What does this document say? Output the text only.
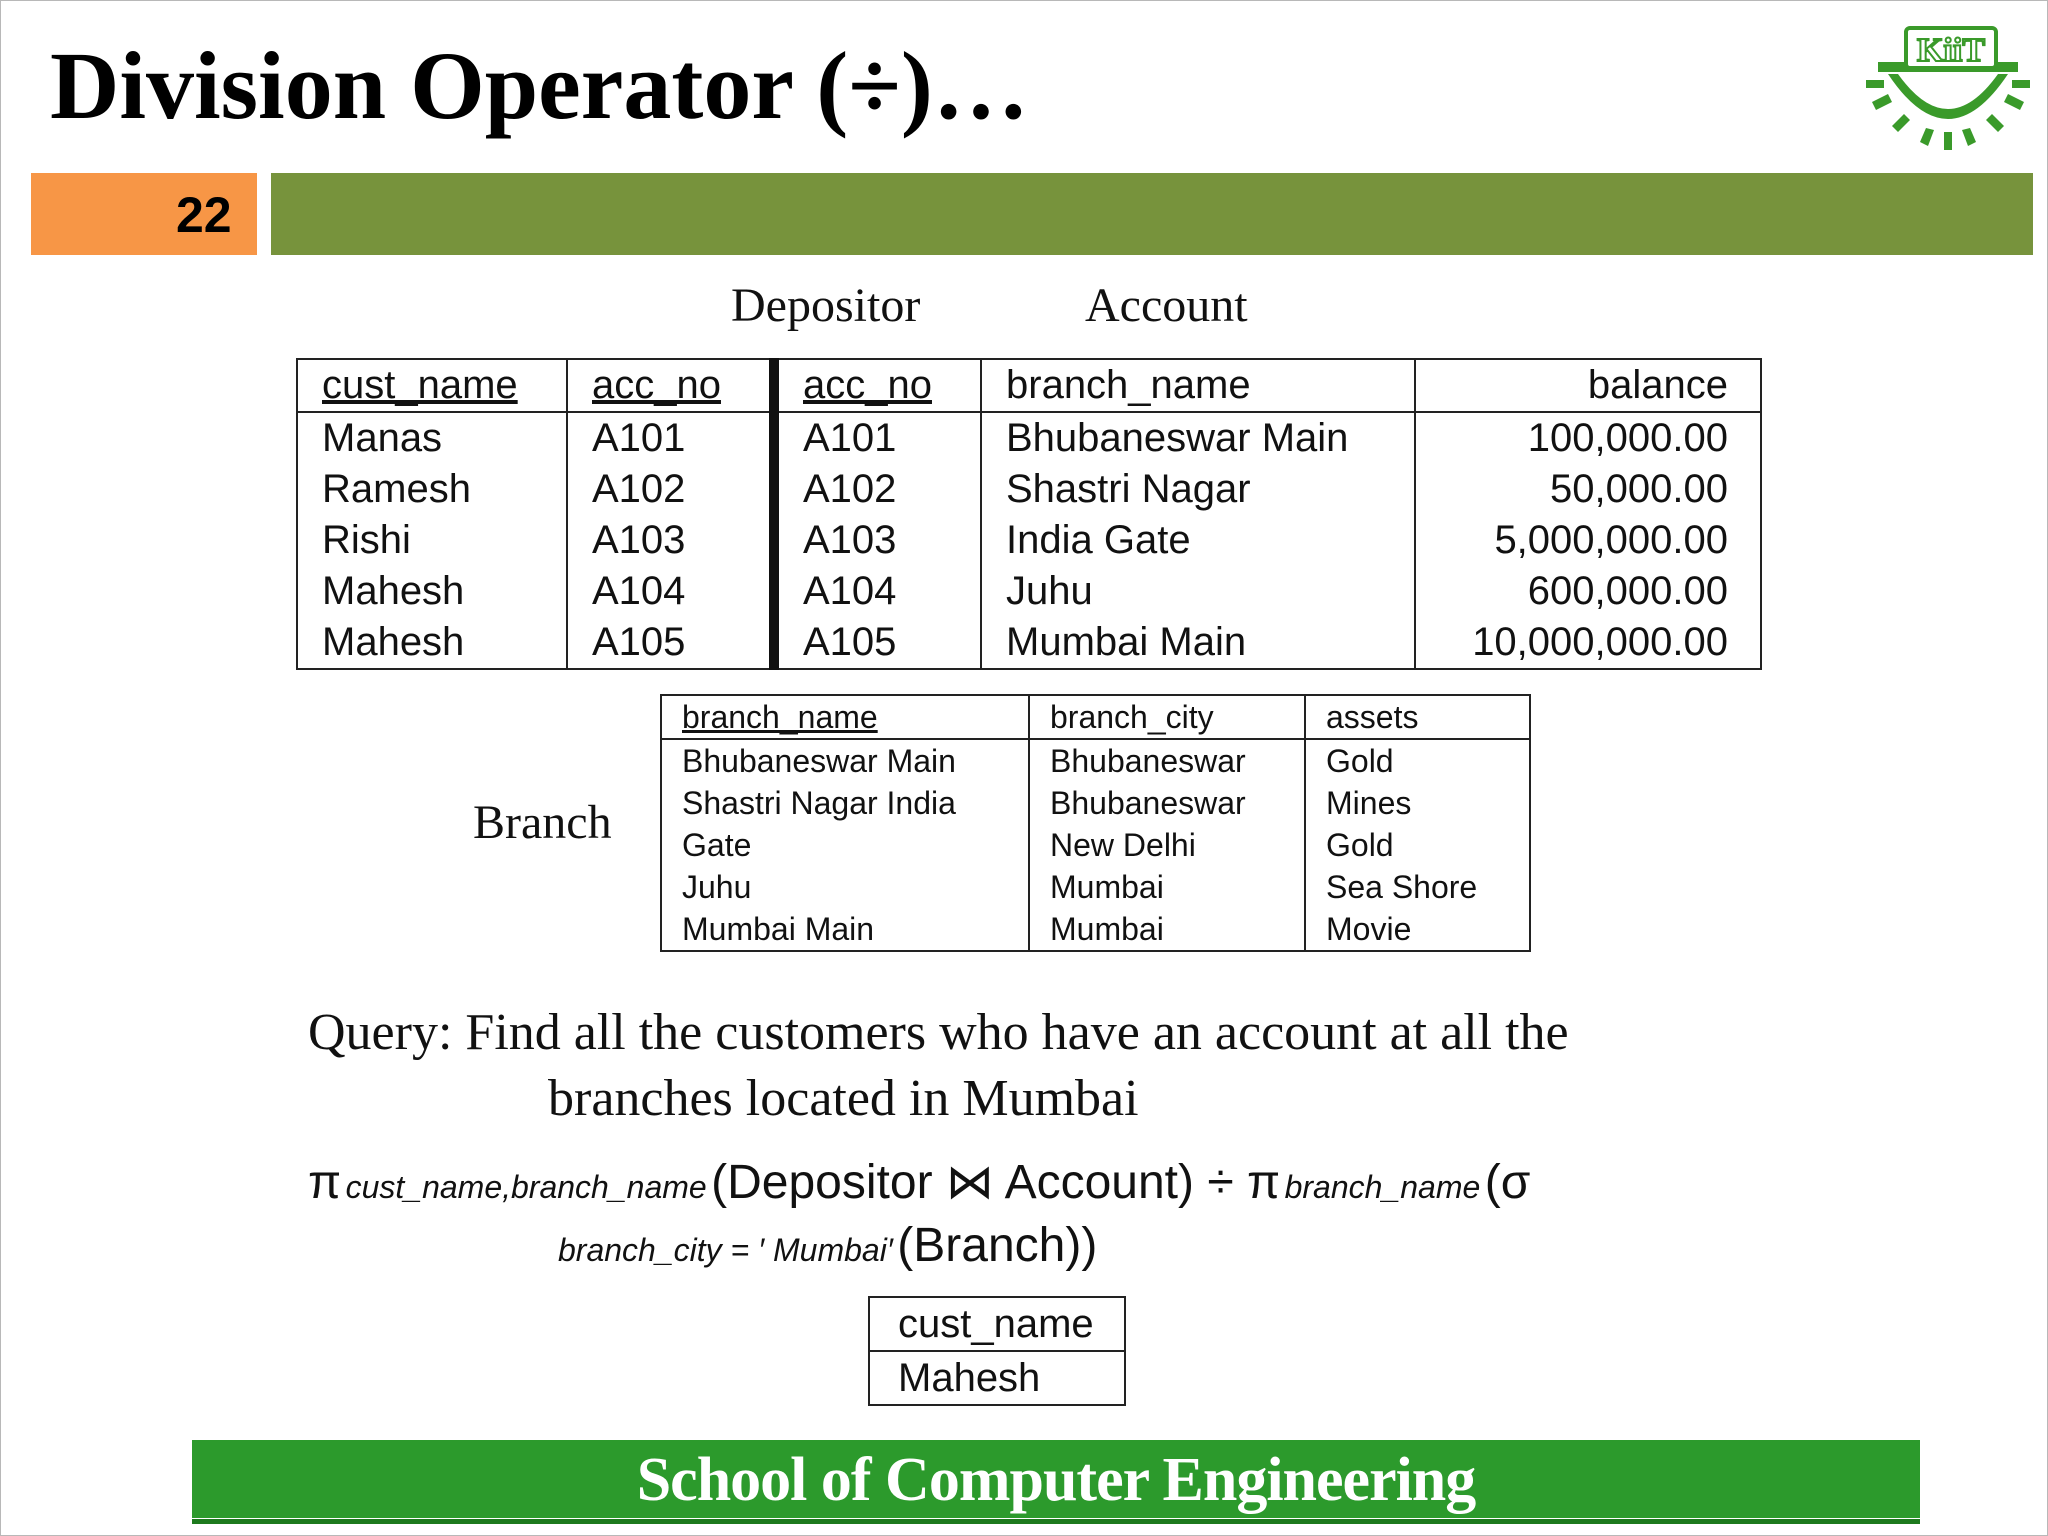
Division Operator (÷)…	KiiT
22
Depositor	Account
cust_name	acc_no	acc_no	branch_name	balance
Manas	A101	A101	Bhubaneswar Main	100,000.00
Ramesh	A102	A102	Shastri Nagar	50,000.00
Rishi	A103	A103	India Gate	5,000,000.00
Mahesh	A104	A104	Juhu	600,000.00
Mahesh	A105	A105	Mumbai Main	10,000,000.00
Branch
branch_name	branch_city	assets
Bhubaneswar Main	Bhubaneswar	Gold
Shastri Nagar India	Bhubaneswar	Mines
Gate	New Delhi	Gold
Juhu	Mumbai	Sea Shore
Mumbai Main	Mumbai	Movie
Query: Find all the customers who have an account at all the
branches located in Mumbai
π cust_name,branch_name (Depositor ⋈ Account) ÷ π branch_name (σ
branch_city = ′ Mumbai′ (Branch))
cust_name
Mahesh
School of Computer Engineering
